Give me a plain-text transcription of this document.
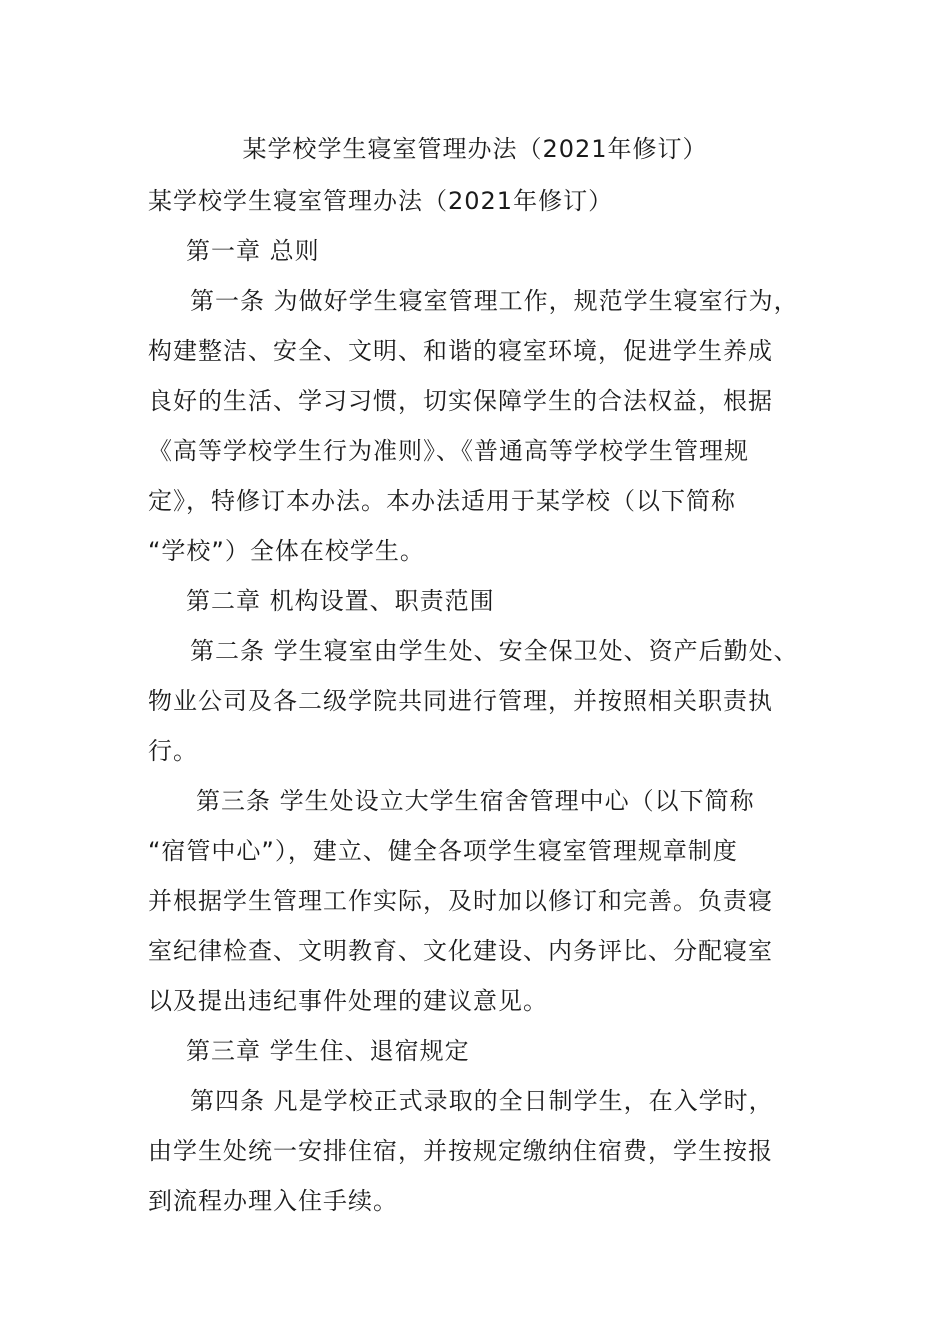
某学校学生寝室管理办法（2021年修订）
某学校学生寝室管理办法（2021年修订）
第一章 总则
第一条 为做好学生寝室管理工作，规范学生寝室行为，
构建整洁、安全、文明、和谐的寝室环境，促进学生养成
良好的生活、学习习惯，切实保障学生的合法权益，根据
《高等学校学生行为准则》、《普通高等学校学生管理规
定》，特修订本办法。本办法适用于某学校（以下简称
“学校”）全体在校学生。
第二章 机构设置、职责范围
第二条 学生寝室由学生处、安全保卫处、资产后勤处、
物业公司及各二级学院共同进行管理，并按照相关职责执
行。
第三条 学生处设立大学生宿舍管理中心（以下简称
“宿管中心”），建立、健全各项学生寝室管理规章制度
并根据学生管理工作实际，及时加以修订和完善。负责寝
室纪律检查、文明教育、文化建设、内务评比、分配寝室
以及提出违纪事件处理的建议意见。
第三章 学生住、退宿规定
第四条 凡是学校正式录取的全日制学生，在入学时，
由学生处统一安排住宿，并按规定缴纳住宿费，学生按报
到流程办理入住手续。
